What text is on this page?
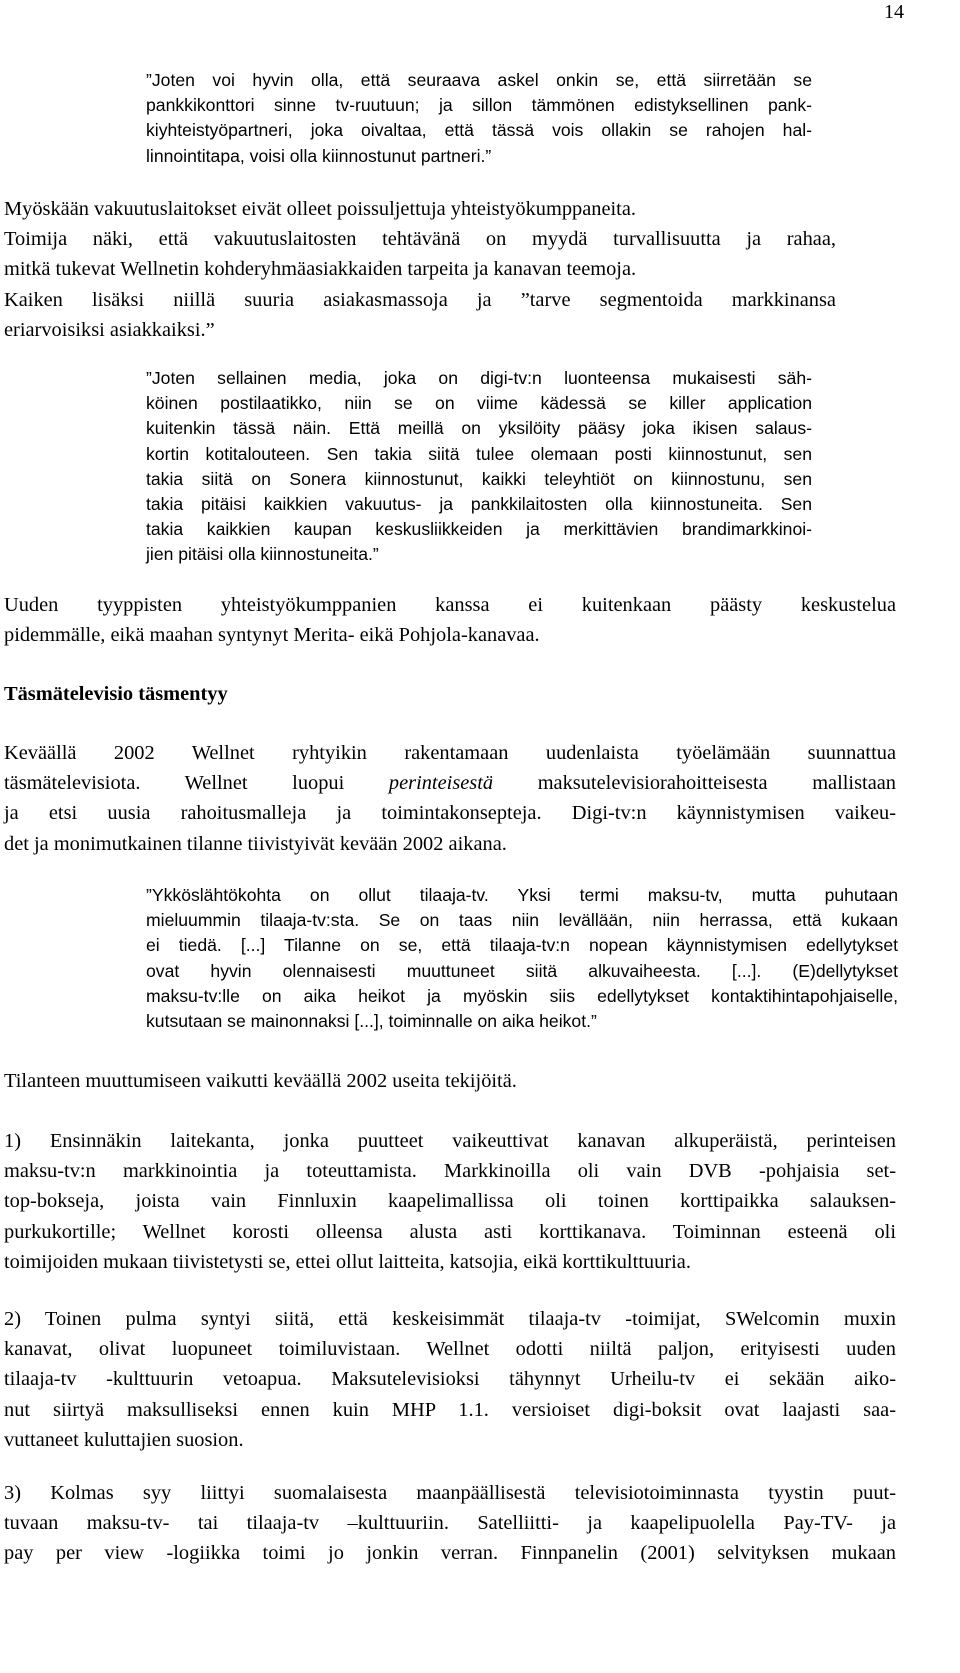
14
”Joten voi hyvin olla, että seuraava askel onkin se, että siirretään se
pankkikonttori sinne tv-ruutuun; ja sillon tämmönen edistyksellinen pank-
kiyhteistyöpartneri, joka oivaltaa, että tässä vois ollakin se rahojen hal-
linnointitapa, voisi olla kiinnostunut partneri.”
Myöskään vakuutuslaitokset eivät olleet poissuljettuja yhteistyökumppaneita.
Toimija näki, että vakuutuslaitosten tehtävänä on myydä turvallisuutta ja rahaa,
mitkä tukevat Wellnetin kohderyhmäasiakkaiden tarpeita ja kanavan teemoja.
Kaiken lisäksi niillä suuria asiakasmassoja ja ”tarve segmentoida markkinansa
eriarvoisiksi asiakkaiksi.”
”Joten sellainen media, joka on digi-tv:n luonteensa mukaisesti säh-
köinen postilaatikko, niin se on viime kädessä se killer application
kuitenkin tässä näin. Että meillä on yksilöity pääsy joka ikisen salaus-
kortin kotitalouteen. Sen takia siitä tulee olemaan posti kiinnostunut, sen
takia siitä on Sonera kiinnostunut, kaikki teleyhtiöt on kiinnostunu, sen
takia pitäisi kaikkien vakuutus- ja pankkilaitosten olla kiinnostuneita. Sen
takia kaikkien kaupan keskusliikkeiden ja merkittävien brandimarkkinoi-
jien pitäisi olla kiinnostuneita.”
Uuden tyyppisten yhteistyökumppanien kanssa ei kuitenkaan päästy keskustelua
pidemmälle, eikä maahan syntynyt Merita- eikä Pohjola-kanavaa.
Täsmätelevisio täsmentyy
Keväällä 2002 Wellnet ryhtyikin rakentamaan uudenlaista työelämään suunnattua
täsmätelevisiota. Wellnet luopui perinteisestä maksutelevisiorahoitteisesta mallistaan
ja etsi uusia rahoitusmalleja ja toimintakonsepteja. Digi-tv:n käynnistymisen vaikeu-
det ja monimutkainen tilanne tiivistyivät kevään 2002 aikana.
”Ykköslähtökohta on ollut tilaaja-tv. Yksi termi maksu-tv, mutta puhutaan
mieluummin tilaaja-tv:sta. Se on taas niin levällään, niin herrassa, että kukaan
ei tiedä. [...] Tilanne on se, että tilaaja-tv:n nopean käynnistymisen edellytykset
ovat hyvin olennaisesti muuttuneet siitä alkuvaiheesta. [...]. (E)dellytykset
maksu-tv:lle on aika heikot ja myöskin siis edellytykset kontaktihintapohjaiselle,
kutsutaan se mainonnaksi [...], toiminnalle on aika heikot.”
Tilanteen muuttumiseen vaikutti keväällä 2002 useita tekijöitä.
1) Ensinnäkin laitekanta, jonka puutteet vaikeuttivat kanavan alkuperäistä, perinteisen
maksu-tv:n markkinointia ja toteuttamista. Markkinoilla oli vain DVB -pohjaisia set-
top-bokseja, joista vain Finnluxin kaapelimallissa oli toinen korttipaikka salauksen-
purkukortille; Wellnet korosti olleensa alusta asti korttikanava. Toiminnan esteenä oli
toimijoiden mukaan tiivistetysti se, ettei ollut laitteita, katsojia, eikä korttikulttuuria.
2) Toinen pulma syntyi siitä, että keskeisimmät tilaaja-tv -toimijat, SWelcomin muxin
kanavat, olivat luopuneet toimiluvistaan. Wellnet odotti niiltä paljon, erityisesti uuden
tilaaja-tv -kulttuurin vetoapua. Maksutelevisioksi tähynnyt Urheilu-tv ei sekään aiko-
nut siirtyä maksulliseksi ennen kuin MHP 1.1. versioiset digi-boksit ovat laajasti saa-
vuttaneet kuluttajien suosion.
3) Kolmas syy liittyi suomalaisesta maanpäällisestä televisiotoiminnasta tyystin puut-
tuvaan maksu-tv- tai tilaaja-tv –kulttuuriin. Satelliitti- ja kaapelipuolella Pay-TV- ja
pay per view -logiikka toimi jo jonkin verran. Finnpanelin (2001) selvityksen mukaan
